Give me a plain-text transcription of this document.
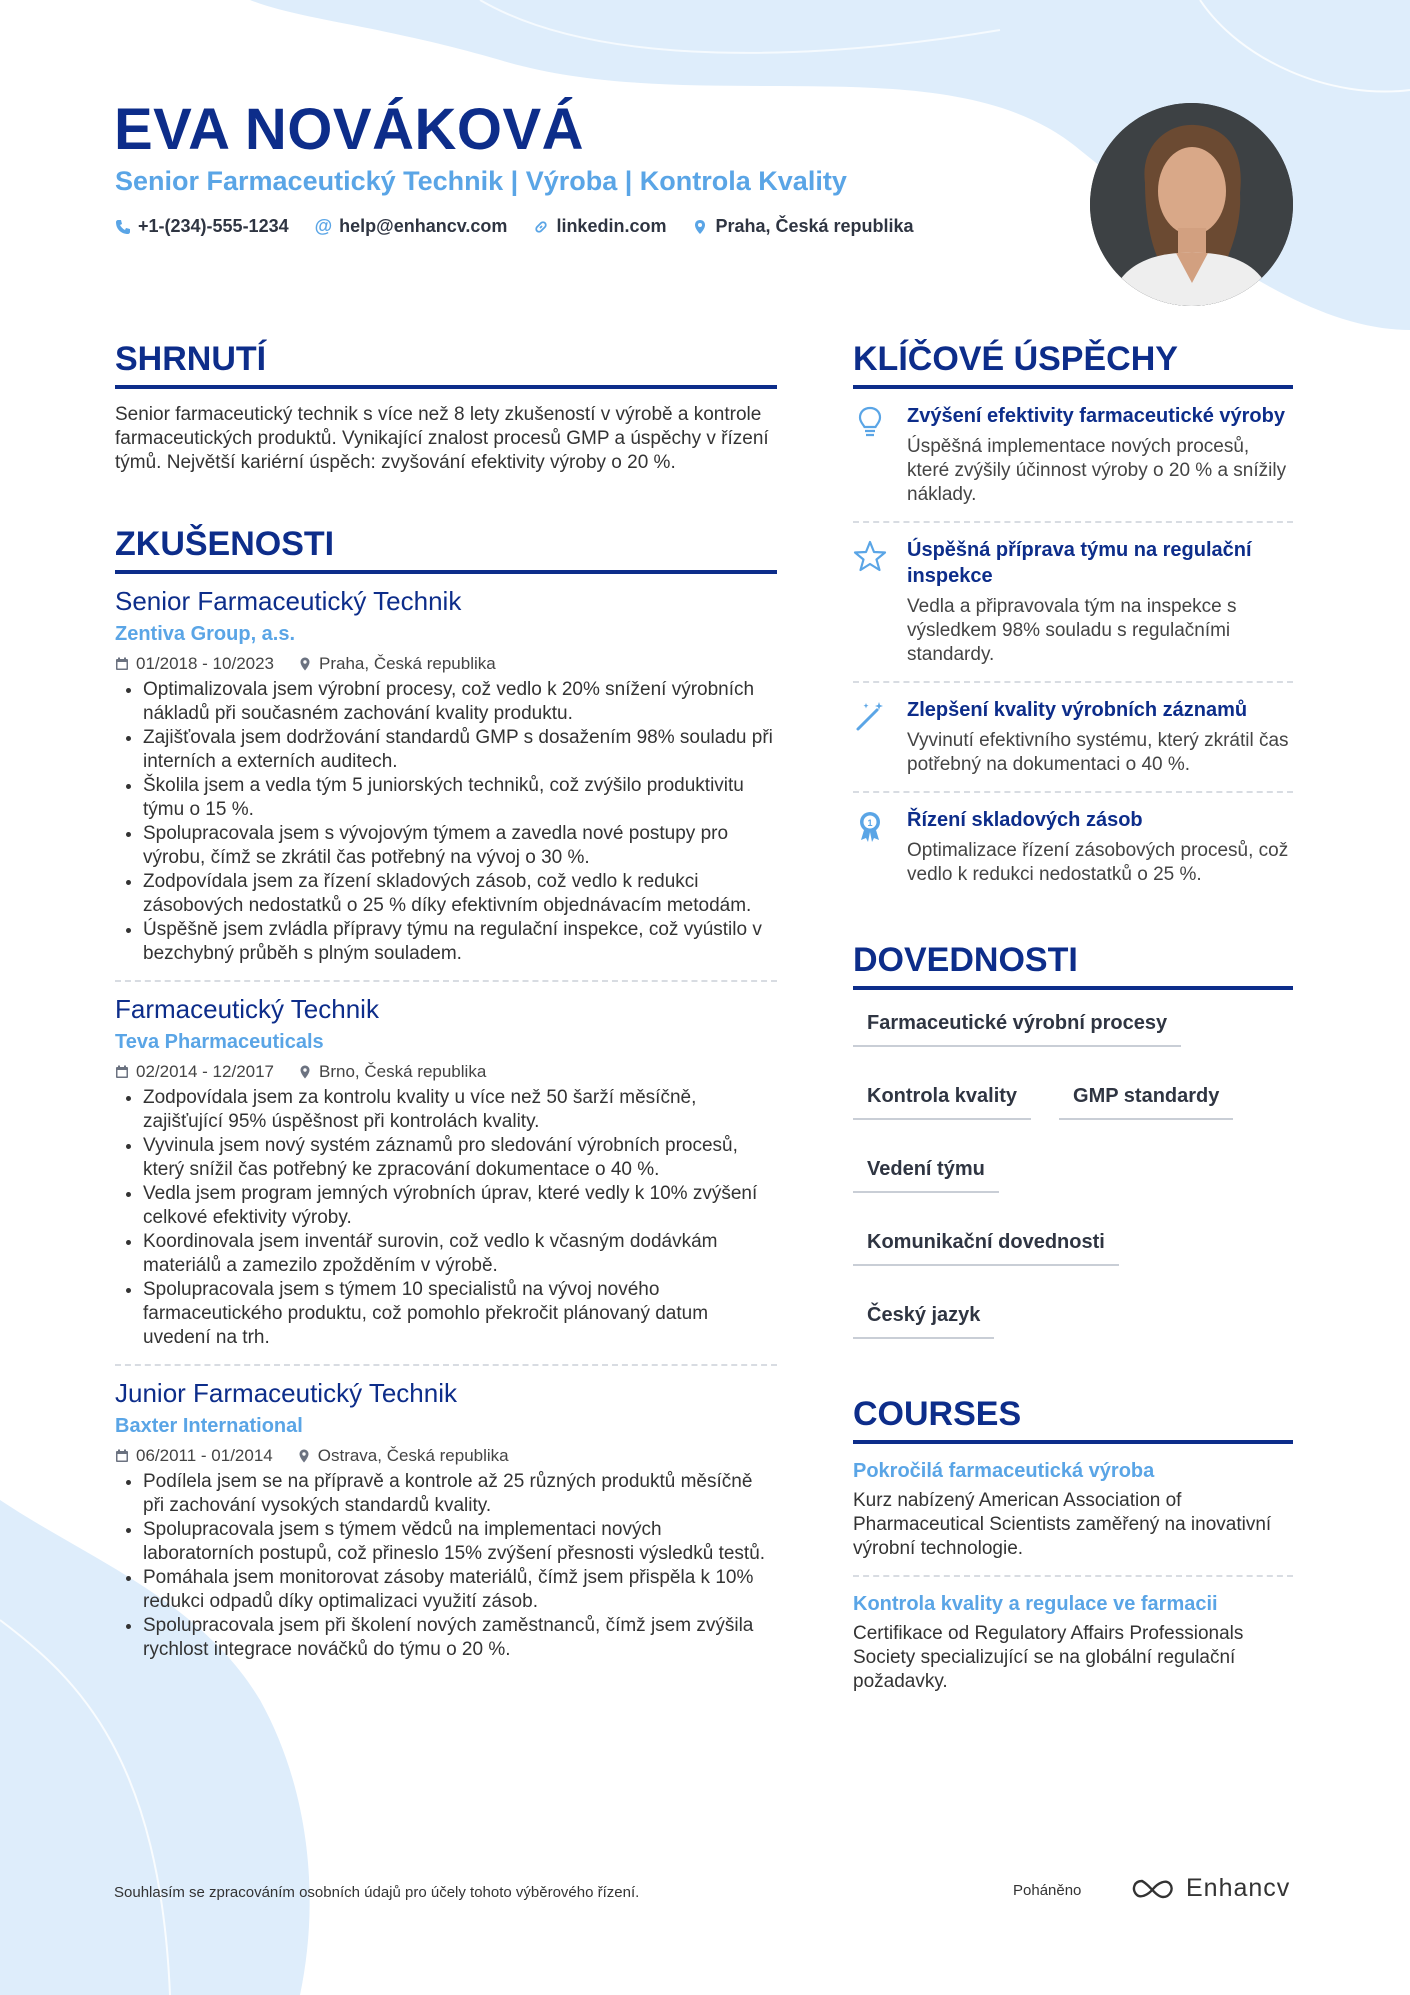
EVA NOVÁKOVÁ
Senior Farmaceutický Technik | Výroba | Kontrola Kvality
+1-(234)-555-1234 @ help@enhancv.com	linkedin.com	Praha, Česká republika
SHRNUTÍ
Senior farmaceutický technik s více než 8 lety zkušeností v výrobě a kontrole farmaceutických produktů. Vynikající znalost procesů GMP a úspěchy v řízení týmů. Největší kariérní úspěch: zvyšování efektivity výroby o 20 %.
ZKUŠENOSTI
Senior Farmaceutický Technik
Zentiva Group, a.s.
01/2018 - 10/2023	Praha, Česká republika
• Optimalizovala jsem výrobní procesy, což vedlo k 20% snížení výrobních nákladů při současném zachování kvality produktu.
• Zajišťovala jsem dodržování standardů GMP s dosažením 98% souladu při interních a externích auditech.
• Školila jsem a vedla tým 5 juniorských techniků, což zvýšilo produktivitu týmu o 15 %.
• Spolupracovala jsem s vývojovým týmem a zavedla nové postupy pro výrobu, čímž se zkrátil čas potřebný na vývoj o 30 %.
• Zodpovídala jsem za řízení skladových zásob, což vedlo k redukci zásobových nedostatků o 25 % díky efektivním objednávacím metodám.
• Úspěšně jsem zvládla přípravy týmu na regulační inspekce, což vyústilo v bezchybný průběh s plným souladem.
Farmaceutický Technik
Teva Pharmaceuticals
02/2014 - 12/2017	Brno, Česká republika
• Zodpovídala jsem za kontrolu kvality u více než 50 šarží měsíčně, zajišťující 95% úspěšnost při kontrolách kvality.
• Vyvinula jsem nový systém záznamů pro sledování výrobních procesů, který snížil čas potřebný ke zpracování dokumentace o 40 %.
• Vedla jsem program jemných výrobních úprav, které vedly k 10% zvýšení celkové efektivity výroby.
• Koordinovala jsem inventář surovin, což vedlo k včasným dodávkám materiálů a zamezilo zpožděním v výrobě.
• Spolupracovala jsem s týmem 10 specialistů na vývoj nového farmaceutického produktu, což pomohlo překročit plánovaný datum uvedení na trh.
Junior Farmaceutický Technik
Baxter International
06/2011 - 01/2014	Ostrava, Česká republika
• Podílela jsem se na přípravě a kontrole až 25 různých produktů měsíčně při zachování vysokých standardů kvality.
• Spolupracovala jsem s týmem vědců na implementaci nových laboratorních postupů, což přineslo 15% zvýšení přesnosti výsledků testů.
• Pomáhala jsem monitorovat zásoby materiálů, čímž jsem přispěla k 10% redukci odpadů díky optimalizaci využití zásob.
• Spolupracovala jsem při školení nových zaměstnanců, čímž jsem zvýšila rychlost integrace nováčků do týmu o 20 %.
KLÍČOVÉ ÚSPĚCHY
Zvýšení efektivity farmaceutické výroby
Úspěšná implementace nových procesů, které zvýšily účinnost výroby o 20 % a snížily náklady.
Úspěšná příprava týmu na regulační inspekce
Vedla a připravovala tým na inspekce s výsledkem 98% souladu s regulačními standardy.
Zlepšení kvality výrobních záznamů
Vyvinutí efektivního systému, který zkrátil čas potřebný na dokumentaci o 40 %.
1 Řízení skladových zásob
Optimalizace řízení zásobových procesů, což vedlo k redukci nedostatků o 25 %.
DOVEDNOSTI
Farmaceutické výrobní procesy
Kontrola kvality	GMP standardy
Vedení týmu
Komunikační dovednosti
Český jazyk
COURSES
Pokročilá farmaceutická výroba
Kurz nabízený American Association of Pharmaceutical Scientists zaměřený na inovativní výrobní technologie.
Kontrola kvality a regulace ve farmacii
Certifikace od Regulatory Affairs Professionals Society specializující se na globální regulační požadavky.
Souhlasím se zpracováním osobních údajů pro účely tohoto výběrového řízení.	Poháněno	Enhancv
